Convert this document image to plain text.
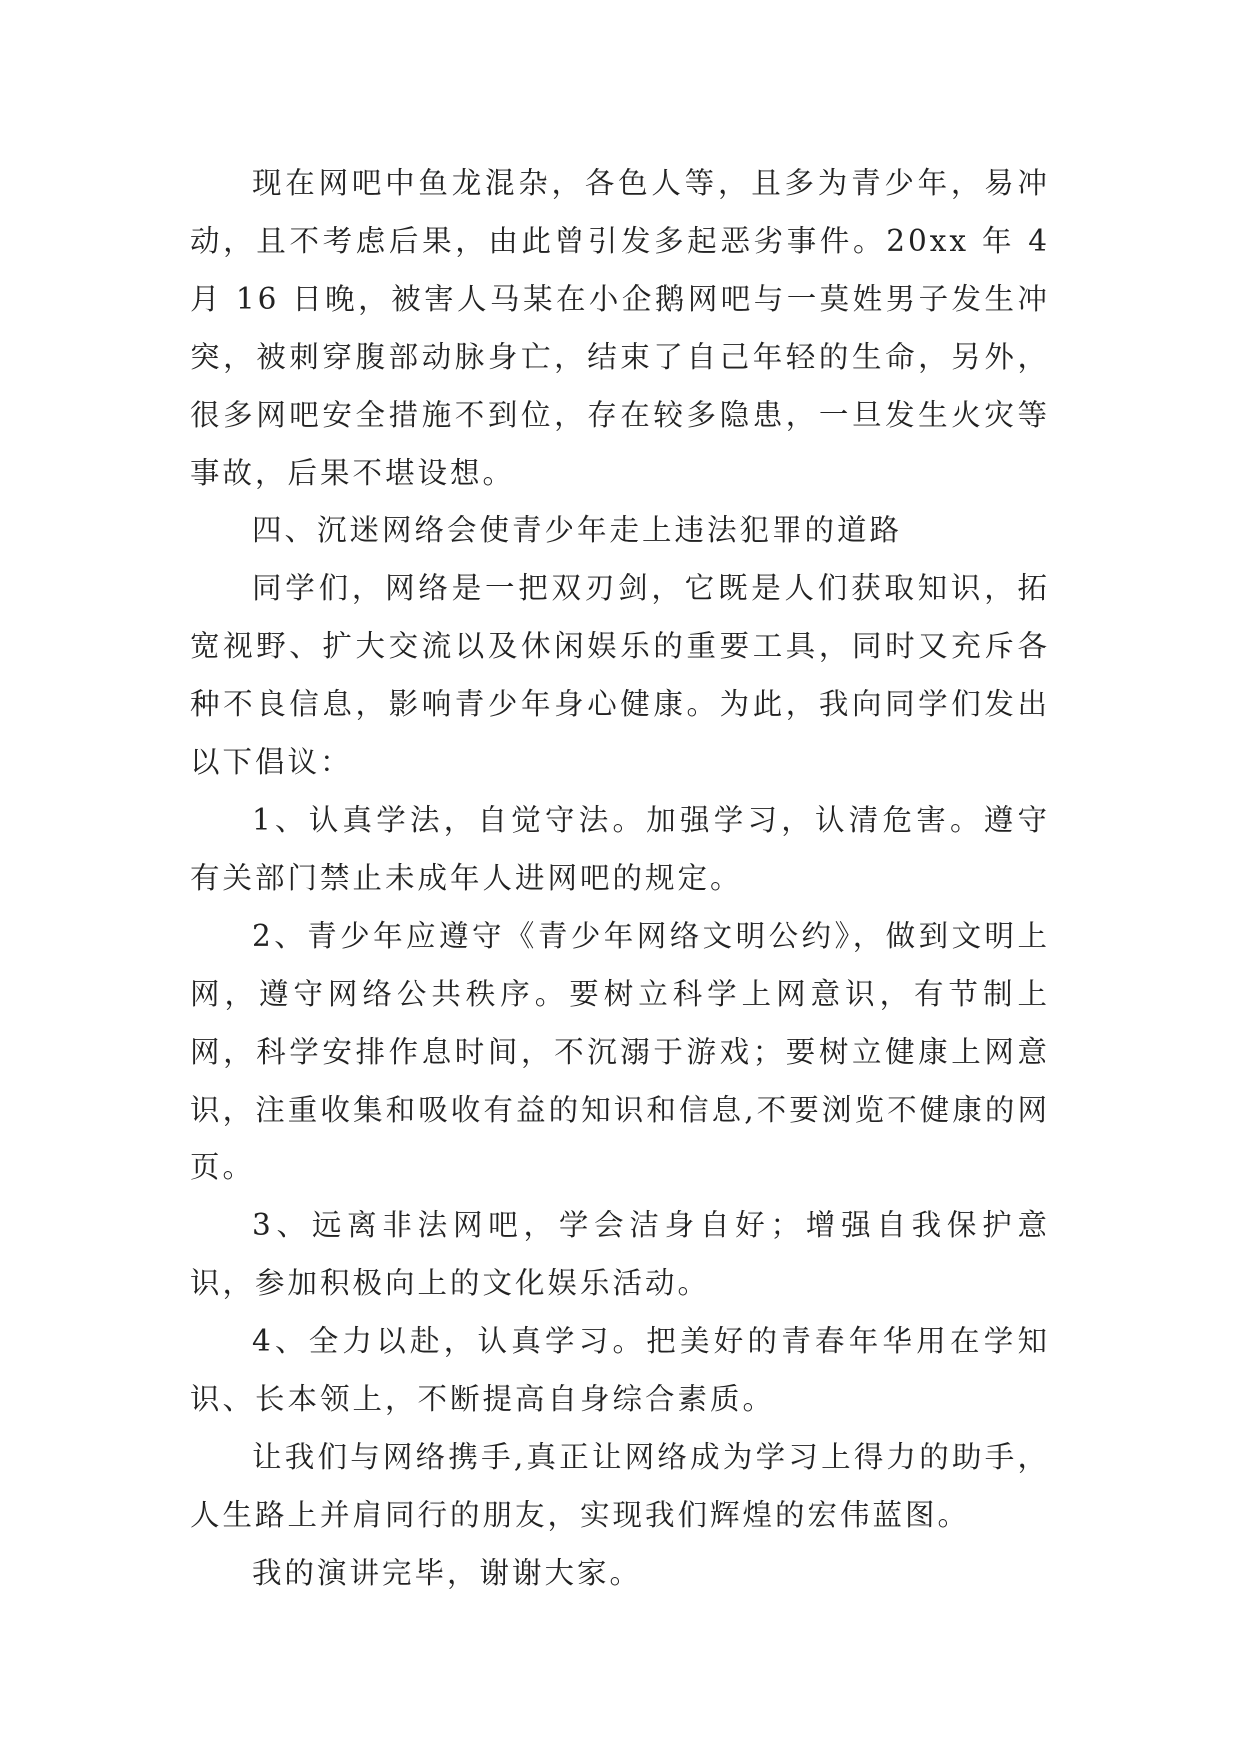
现在网吧中鱼龙混杂，各色人等，且多为青少年，易冲动，且不考虑后果，由此曾引发多起恶劣事件。20xx 年 4 月 16 日晚，被害人马某在小企鹅网吧与一莫姓男子发生冲突，被刺穿腹部动脉身亡，结束了自己年轻的生命，另外，很多网吧安全措施不到位，存在较多隐患，一旦发生火灾等事故，后果不堪设想。

四、沉迷网络会使青少年走上违法犯罪的道路

同学们，网络是一把双刃剑，它既是人们获取知识，拓宽视野、扩大交流以及休闲娱乐的重要工具，同时又充斥各种不良信息，影响青少年身心健康。为此，我向同学们发出以下倡议：

1、认真学法，自觉守法。加强学习，认清危害。遵守有关部门禁止未成年人进网吧的规定。

2、青少年应遵守《青少年网络文明公约》，做到文明上网，遵守网络公共秩序。要树立科学上网意识，有节制上网，科学安排作息时间，不沉溺于游戏；要树立健康上网意识，注重收集和吸收有益的知识和信息,不要浏览不健康的网页。

3、远离非法网吧，学会洁身自好；增强自我保护意识，参加积极向上的文化娱乐活动。

4、全力以赴，认真学习。把美好的青春年华用在学知识、长本领上，不断提高自身综合素质。

让我们与网络携手,真正让网络成为学习上得力的助手，人生路上并肩同行的朋友，实现我们辉煌的宏伟蓝图。

我的演讲完毕，谢谢大家。
